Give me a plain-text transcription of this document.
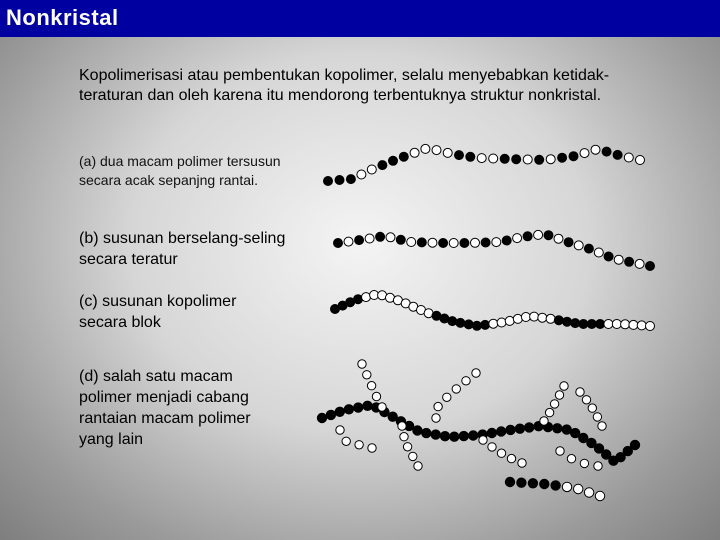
Nonkristal
Kopolimerisasi atau pembentukan kopolimer, selalu menyebabkan ketidak-teraturan dan oleh karena itu mendorong terbentuknya struktur nonkristal.
(a) dua macam polimer tersusun
secara acak sepanjng rantai.
(b) susunan berselang-seling
secara teratur
(c) susunan kopolimer
secara blok
(d) salah satu macam
polimer menjadi cabang
rantaian macam polimer
yang lain
